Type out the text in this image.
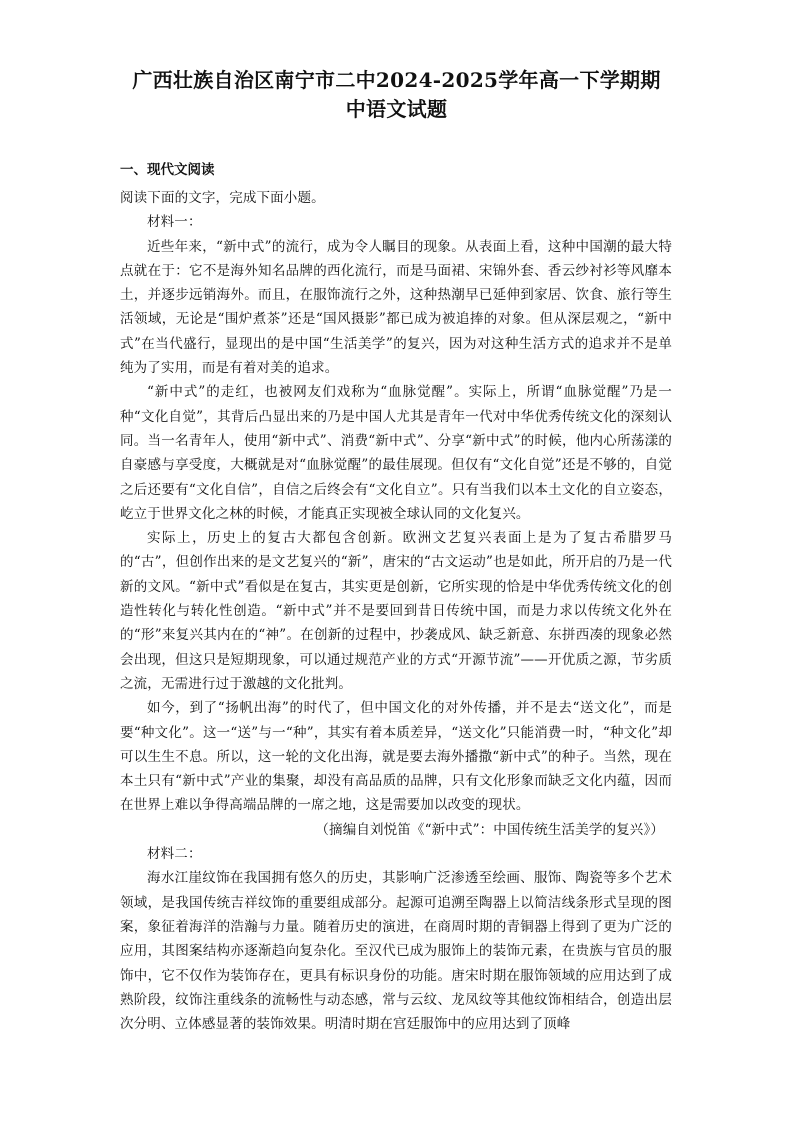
广西壮族自治区南宁市二中2024-2025学年高一下学期期
中语文试题
一、现代文阅读

阅读下面的文字，完成下面小题。

材料一：

近些年来，“新中式”的流行，成为令人瞩目的现象。从表面上看，这种中国潮的最大特点就在于：它不是海外知名品牌的西化流行，而是马面裙、宋锦外套、香云纱衬衫等风靡本土，并逐步远销海外。而且，在服饰流行之外，这种热潮早已延伸到家居、饮食、旅行等生活领域，无论是“围炉煮茶”还是“国风摄影”都已成为被追捧的对象。但从深层观之，“新中式”在当代盛行，显现出的是中国“生活美学”的复兴，因为对这种生活方式的追求并不是单纯为了实用，而是有着对美的追求。

“新中式”的走红，也被网友们戏称为“血脉觉醒”。实际上，所谓“血脉觉醒”乃是一种“文化自觉”，其背后凸显出来的乃是中国人尤其是青年一代对中华优秀传统文化的深刻认同。当一名青年人，使用“新中式”、消费“新中式”、分享“新中式”的时候，他内心所荡漾的自豪感与享受度，大概就是对“血脉觉醒”的最佳展现。但仅有“文化自觉”还是不够的，自觉之后还要有“文化自信”，自信之后终会有“文化自立”。只有当我们以本土文化的自立姿态，屹立于世界文化之林的时候，才能真正实现被全球认同的文化复兴。

实际上，历史上的复古大都包含创新。欧洲文艺复兴表面上是为了复古希腊罗马的“古”，但创作出来的是文艺复兴的“新”，唐宋的“古文运动”也是如此，所开启的乃是一代新的文风。“新中式”看似是在复古，其实更是创新，它所实现的恰是中华优秀传统文化的创造性转化与转化性创造。“新中式”并不是要回到昔日传统中国，而是力求以传统文化外在的“形”来复兴其内在的“神”。在创新的过程中，抄袭成风、缺乏新意、东拼西凑的现象必然会出现，但这只是短期现象，可以通过规范产业的方式“开源节流”——开优质之源，节劣质之流，无需进行过于激越的文化批判。

如今，到了“扬帆出海”的时代了，但中国文化的对外传播，并不是去“送文化”，而是要“种文化”。这一“送”与一“种”，其实有着本质差异，“送文化”只能消费一时，“种文化”却可以生生不息。所以，这一轮的文化出海，就是要去海外播撒“新中式”的种子。当然，现在本土只有“新中式”产业的集聚，却没有高品质的品牌，只有文化形象而缺乏文化内蕴，因而在世界上难以争得高端品牌的一席之地，这是需要加以改变的现状。

（摘编自刘悦笛《“新中式”：中国传统生活美学的复兴》）

材料二：

海水江崖纹饰在我国拥有悠久的历史，其影响广泛渗透至绘画、服饰、陶瓷等多个艺术领域，是我国传统吉祥纹饰的重要组成部分。起源可追溯至陶器上以简洁线条形式呈现的图案，象征着海洋的浩瀚与力量。随着历史的演进，在商周时期的青铜器上得到了更为广泛的应用，其图案结构亦逐渐趋向复杂化。至汉代已成为服饰上的装饰元素，在贵族与官员的服饰中，它不仅作为装饰存在，更具有标识身份的功能。唐宋时期在服饰领域的应用达到了成熟阶段，纹饰注重线条的流畅性与动态感，常与云纹、龙凤纹等其他纹饰相结合，创造出层次分明、立体感显著的装饰效果。明清时期在宫廷服饰中的应用达到了顶峰
